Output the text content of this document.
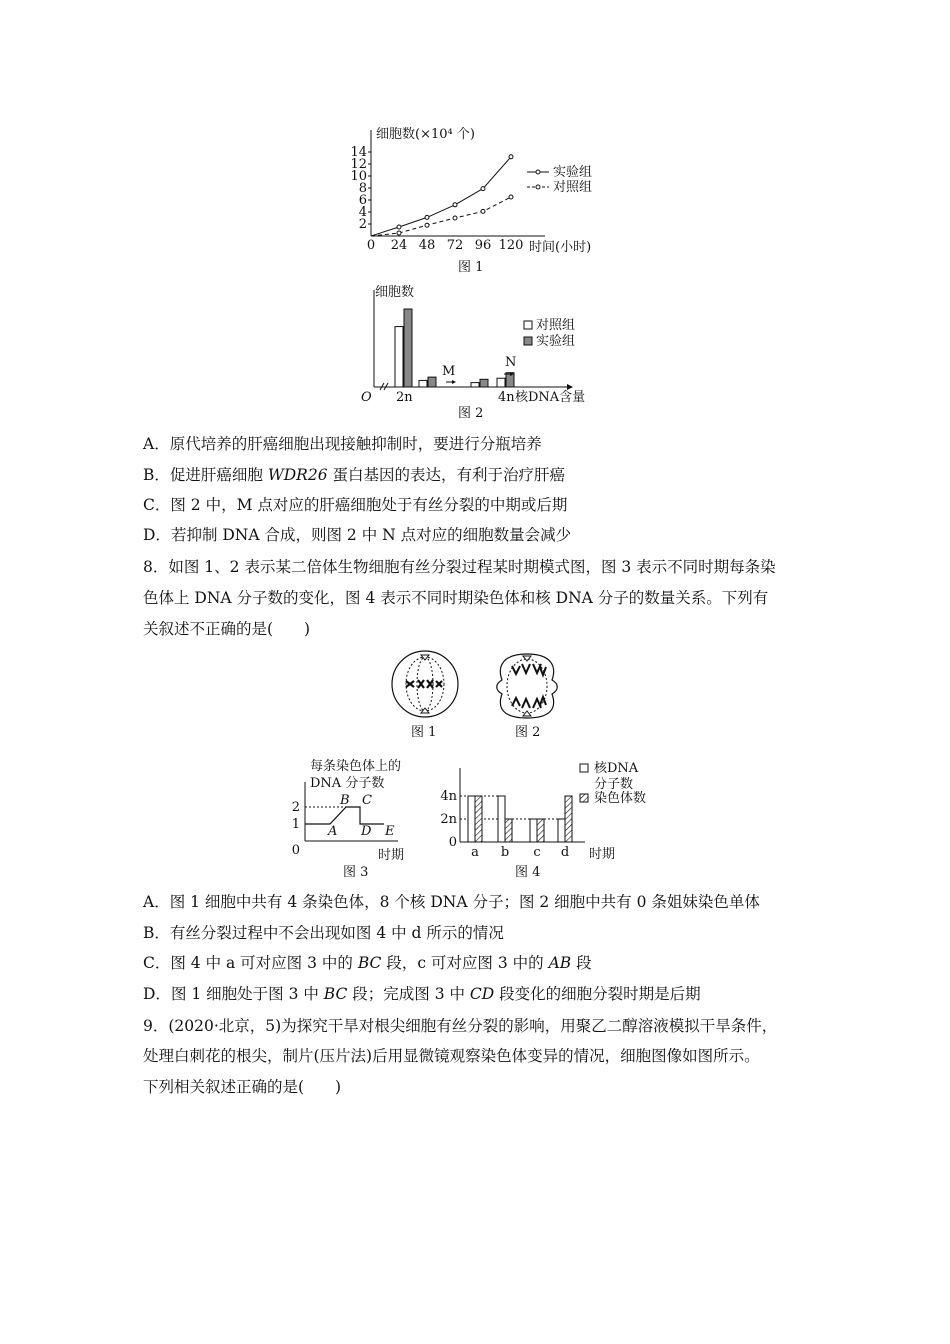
细胞数(×10⁴ 个)
2
4
6
8
10
12
14
0 24 48 72 96 120
实验组
对照组
时间(小时)
图 1
细胞数
M
N
对照组
实验组
O 2n	4n 核DNA含量
图 2
A．原代培养的肝癌细胞出现接触抑制时，要进行分瓶培养
B．促进肝癌细胞 WDR26 蛋白基因的表达，有利于治疗肝癌
C．图 2 中，M 点对应的肝癌细胞处于有丝分裂的中期或后期
D．若抑制 DNA 合成，则图 2 中 N 点对应的细胞数量会减少
8．如图 1、2 表示某二倍体生物细胞有丝分裂过程某时期模式图，图 3 表示不同时期每条染
色体上 DNA 分子数的变化，图 4 表示不同时期染色体和核 DNA 分子的数量关系。下列有
关叙述不正确的是(　　)
图 1	图 2
每条染色体上的
DNA 分子数
2
1
0
A
B C
D E
时期
图 3
4n
2n
0
a b c d
核DNA
分子数
染色体数
时期
图 4
A．图 1 细胞中共有 4 条染色体，8 个核 DNA 分子；图 2 细胞中共有 0 条姐妹染色单体
B．有丝分裂过程中不会出现如图 4 中 d 所示的情况
C．图 4 中 a 可对应图 3 中的 BC 段，c 可对应图 3 中的 AB 段
D．图 1 细胞处于图 3 中 BC 段；完成图 3 中 CD 段变化的细胞分裂时期是后期
9．(2020·北京，5)为探究干旱对根尖细胞有丝分裂的影响，用聚乙二醇溶液模拟干旱条件，
处理白刺花的根尖，制片(压片法)后用显微镜观察染色体变异的情况，细胞图像如图所示。
下列相关叙述正确的是(　　)
